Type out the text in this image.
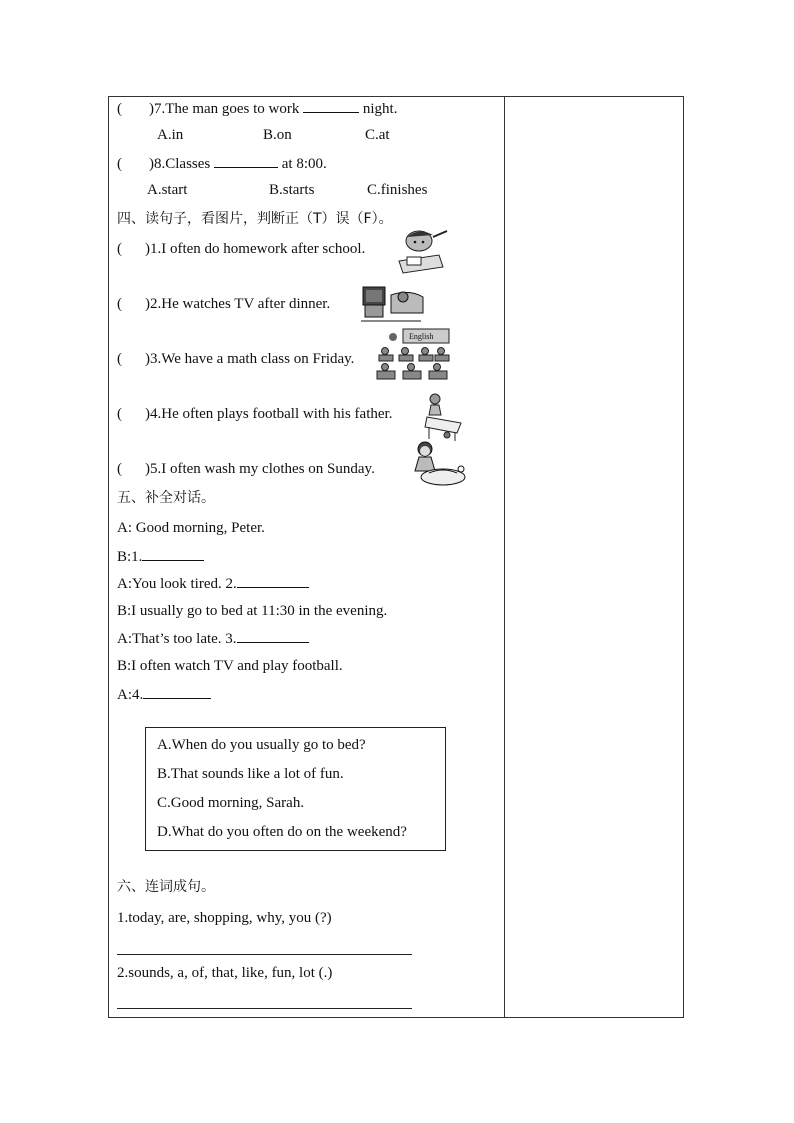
( )7.The man goes to work	night.
A.in	B.on	C.at
( )8.Classes	at 8:00.
A.start	B.starts	C.finishes
四、读句子，看图片，判断正（T）误（F）。
( )1.I often do homework after school.
( )2.He watches TV after dinner.
( )3.We have a math class on Friday.
English
( )4.He often plays football with his father.
( )5.I often wash my clothes on Sunday.
五、补全对话。
A: Good morning, Peter.
B:1.
A:You look tired. 2.
B:I usually go to bed at 11:30 in the evening.
A:That’s too late. 3.
B:I often watch TV and play football.
A:4.
A.When do you usually go to bed?
B.That sounds like a lot of fun.
C.Good morning, Sarah.
D.What do you often do on the weekend?
六、连词成句。
1.today, are, shopping, why, you (?)
2.sounds, a, of, that, like, fun, lot (.)
